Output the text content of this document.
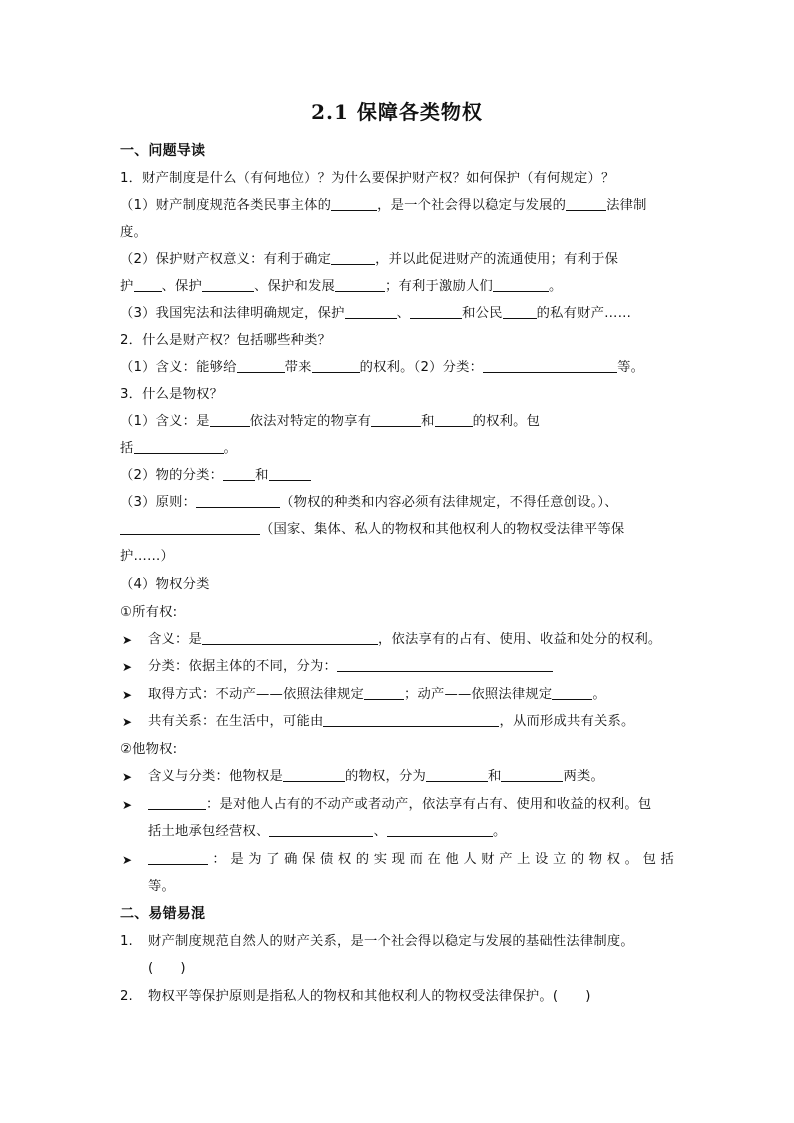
2.1 保障各类物权
一、问题导读
1．财产制度是什么（有何地位）？为什么要保护财产权？如何保护（有何规定）？
（1）财产制度规范各类民事主体的	，是一个社会得以稳定与发展的	法律制
度。
（2）保护财产权意义：有利于确定	，并以此促进财产的流通使用；有利于保
护 、保护	、保护和发展	；有利于激励人们	。
（3）我国宪法和法律明确规定，保护	、	和公民	的私有财产……
2．什么是财产权？包括哪些种类？
（1）含义：能够给	带来	的权利。（2）分类：	等。
3．什么是物权？
（1）含义：是	依法对特定的物享有	和	的权利。包
括	。
（2）物的分类： 和
（3）原则：	（物权的种类和内容必须有法律规定，不得任意创设。）、
（国家、集体、私人的物权和其他权利人的物权受法律平等保
护……）
（4）物权分类
①所有权:
➤ 含义：是	，依法享有的占有、使用、收益和处分的权利。
➤ 分类：依据主体的不同，分为：
➤ 取得方式：不动产——依照法律规定	；动产——依照法律规定	。
➤ 共有关系：在生活中，可能由	，从而形成共有关系。
②他物权:
➤ 含义与分类：他物权是	的物权，分为	和	两类。
➤	：是对他人占有的不动产或者动产，依法享有占有、使用和收益的权利。包
括土地承包经营权、	、	。
➤	：是为了确保债权的实现而在他人财产上设立的物权。包括
等。
二、易错易混
1. 财产制度规范自然人的财产关系，是一个社会得以稳定与发展的基础性法律制度。
(　　)
2. 物权平等保护原则是指私人的物权和其他权利人的物权受法律保护。(　　)
